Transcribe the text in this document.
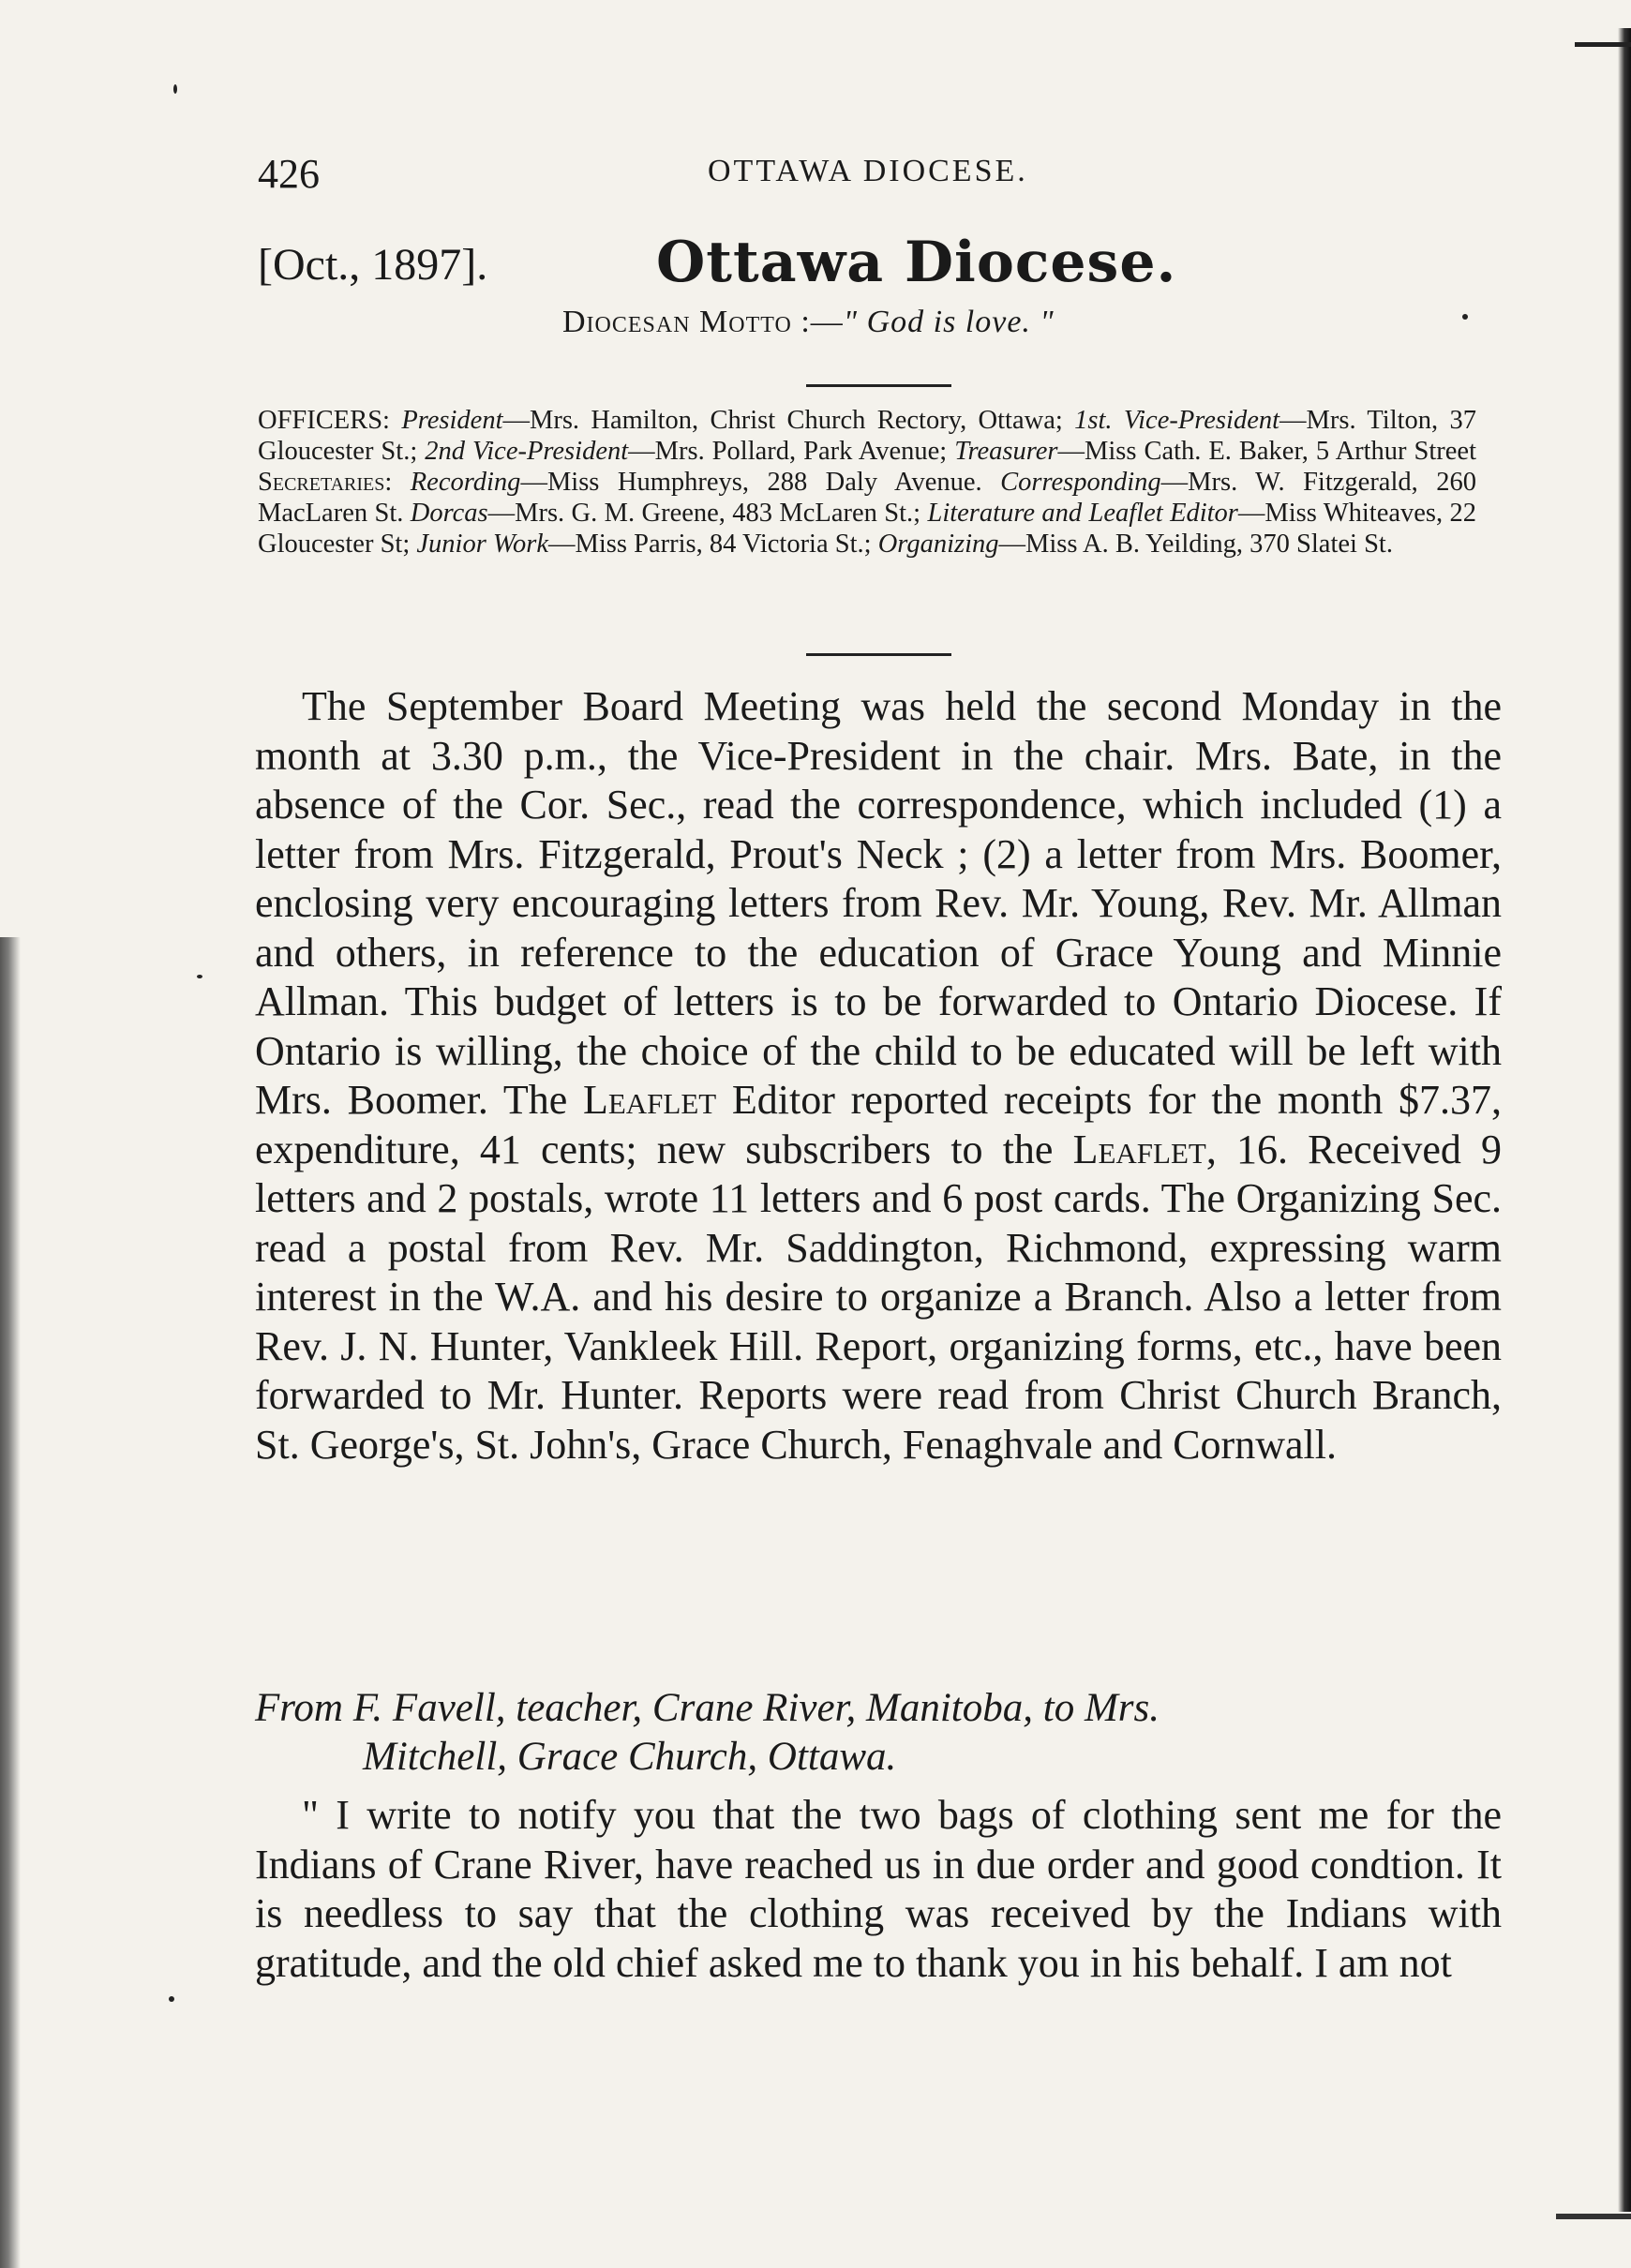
426	OTTAWA DIOCESE.
[Oct., 1897].	Ottawa Diocese.
Diocesan Motto :—" God is love. "
OFFICERS: President—Mrs. Hamilton, Christ Church Rectory, Ottawa; 1st. Vice-President—Mrs. Tilton, 37 Gloucester St.; 2nd Vice-President—Mrs. Pollard, Park Avenue; Treasurer—Miss Cath. E. Baker, 5 Arthur Street Secretaries: Recording—Miss Humphreys, 288 Daly Avenue. Corresponding—Mrs. W. Fitzgerald, 260 MacLaren St. Dorcas—Mrs. G. M. Greene, 483 McLaren St.; Literature and Leaflet Editor—Miss Whiteaves, 22 Gloucester St; Junior Work—Miss Parris, 84 Victoria St.; Organizing—Miss A. B. Yeilding, 370 Slatei St.

The September Board Meeting was held the second Monday in the month at 3.30 p.m., the Vice-President in the chair. Mrs. Bate, in the absence of the Cor. Sec., read the correspondence, which included (1) a letter from Mrs. Fitzgerald, Prout's Neck ; (2) a letter from Mrs. Boomer, enclosing very encouraging letters from Rev. Mr. Young, Rev. Mr. Allman and others, in reference to the education of Grace Young and Minnie Allman. This budget of letters is to be forwarded to Ontario Diocese. If Ontario is willing, the choice of the child to be educated will be left with Mrs. Boomer. The Leaflet Editor reported receipts for the month $7.37, expenditure, 41 cents; new subscribers to the Leaflet, 16. Received 9 letters and 2 postals, wrote 11 letters and 6 post cards. The Organizing Sec. read a postal from Rev. Mr. Saddington, Richmond, expressing warm interest in the W.A. and his desire to organize a Branch. Also a letter from Rev. J. N. Hunter, Vankleek Hill. Report, organizing forms, etc., have been forwarded to Mr. Hunter. Reports were read from Christ Church Branch, St. George's, St. John's, Grace Church, Fenaghvale and Cornwall.

From F. Favell, teacher, Crane River, Manitoba, to Mrs.
Mitchell, Grace Church, Ottawa.

" I write to notify you that the two bags of clothing sent me for the Indians of Crane River, have reached us in due order and good condtion. It is needless to say that the clothing was received by the Indians with gratitude, and the old chief asked me to thank you in his behalf. I am not
